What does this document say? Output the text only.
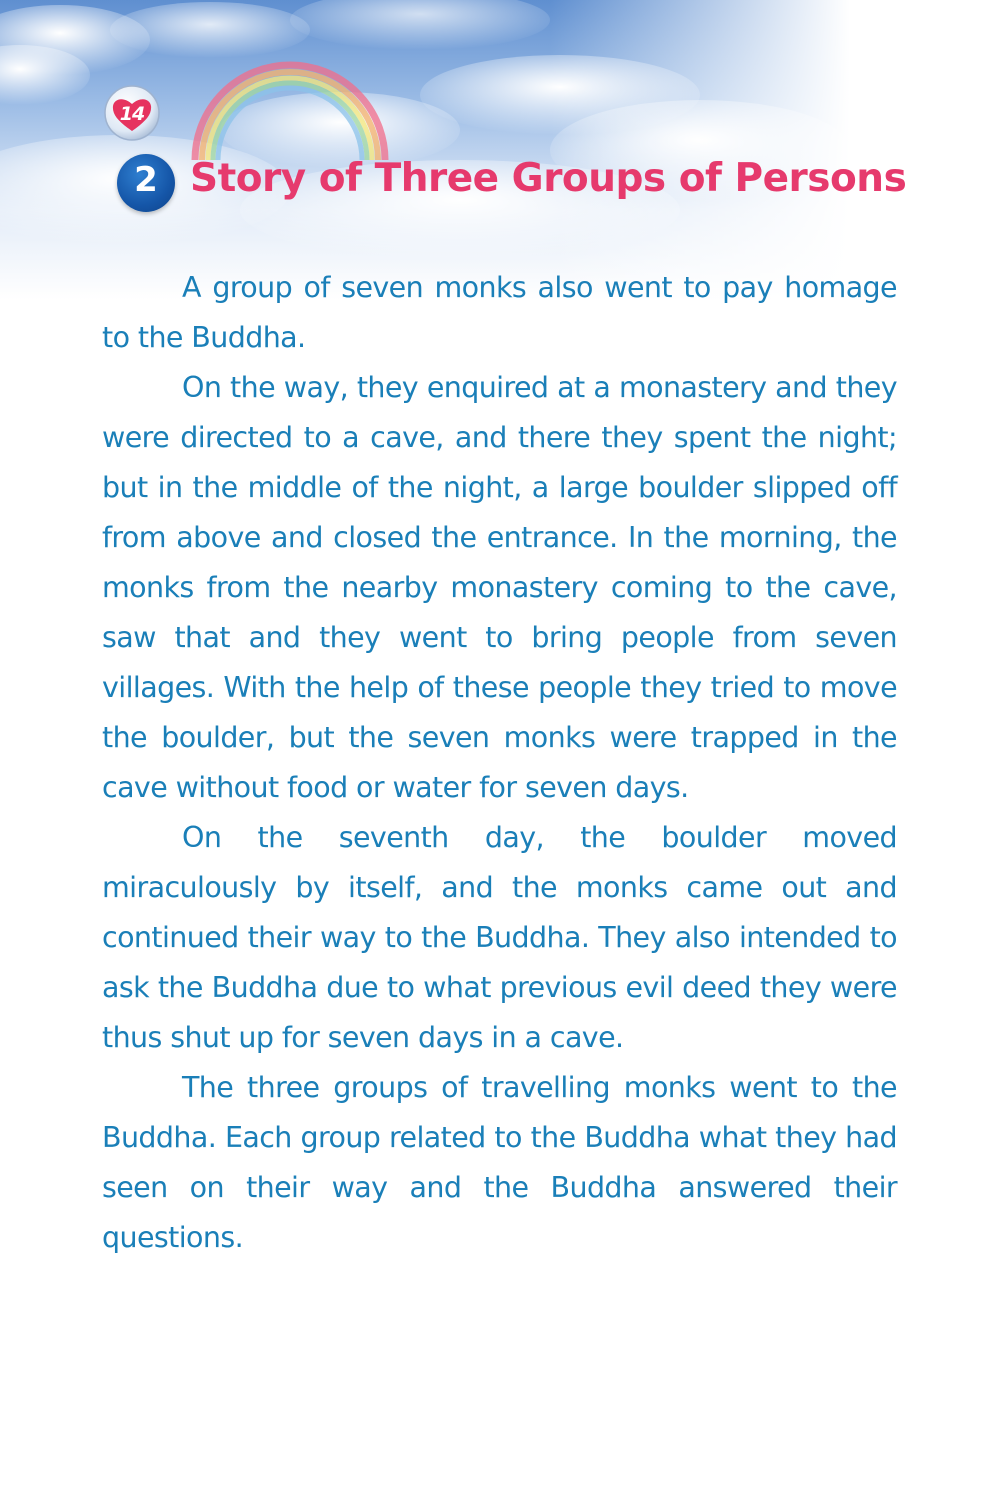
14
2 Story of Three Groups of Persons

A group of seven monks also went to pay homage to the Buddha.

On the way, they enquired at a monastery and they were directed to a cave, and there they spent the night; but in the middle of the night, a large boulder slipped off from above and closed the entrance. In the morning, the monks from the nearby monastery coming to the cave, saw that and they went to bring people from seven villages. With the help of these people they tried to move the boulder, but the seven monks were trapped in the cave without food or water for seven days.

On the seventh day, the boulder moved miraculously by itself, and the monks came out and continued their way to the Buddha. They also intended to ask the Buddha due to what previous evil deed they were thus shut up for seven days in a cave.

The three groups of travelling monks went to the Buddha. Each group related to the Buddha what they had seen on their way and the Buddha answered their questions.
